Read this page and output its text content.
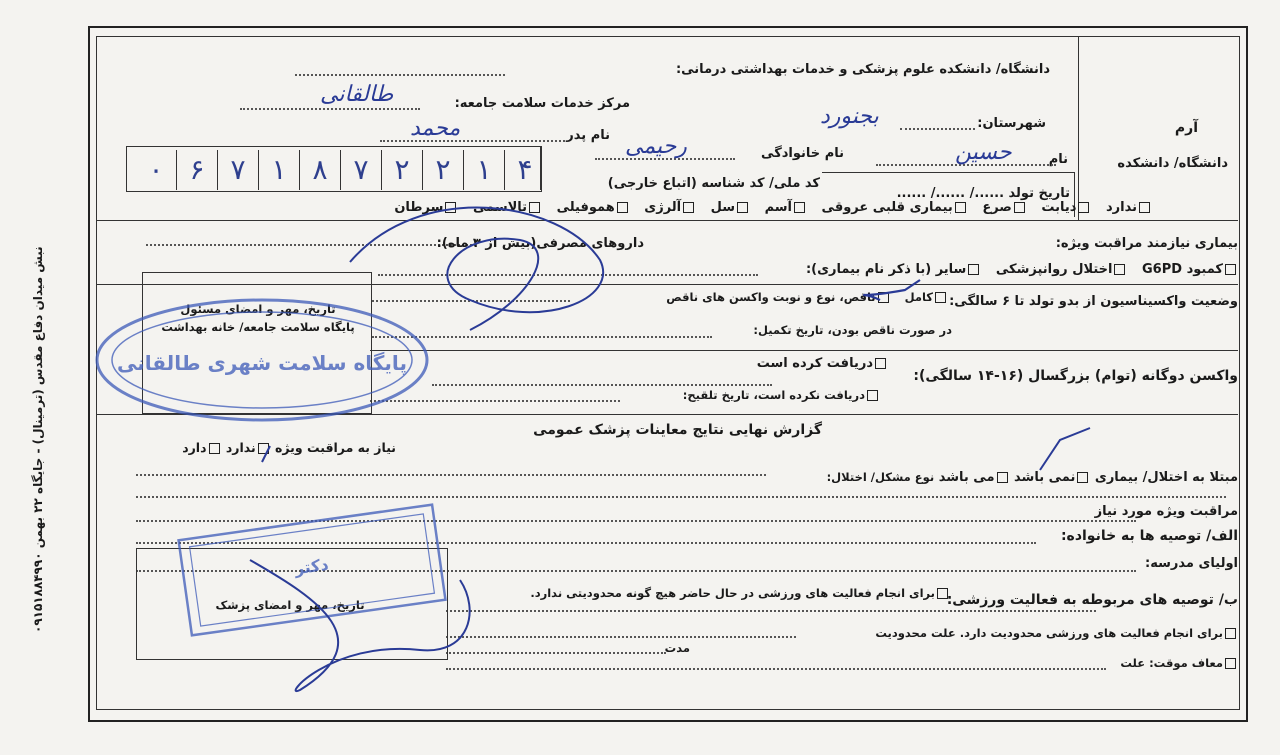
نبش میدان دفاع مقدس (ترمینال) - جایگاه ۲۲ بهمن ۰۹۱۵۱۸۸۴۹۹۰
دانشگاه/ دانشکده علوم پزشکی و خدمات بهداشتی درمانی:
مرکز خدمات سلامت جامعه:
شهرستان:	آرم
دانشگاه/ دانشکده
نام
نام خانوادگی
نام پدر
۰ ۶ ۷ ۱ ۸ ۷ ۲ ۲ ۱ ۴	کد ملی/ کد شناسه (اتباع خارجی)
تاریخ تولد ....../ ....../ ......
ندارد دیابت صرع بیماری قلبی عروقی آسم سل آلرژی هموفیلی تالاسمی سرطان
بیماری نیازمند مراقبت ویژه:
داروهای مصرفی(بیش از ۳ ماه):
کمبود G6PD اختلال روانپزشکی سایر (با ذکر نام بیماری):
وضعیت واکسیناسیون از بدو تولد تا ۶ سالگی:
کامل ناقص، نوع و نوبت واکسن های ناقص
در صورت ناقص بودن، تاریخ تکمیل:
واکسن دوگانه (توام) بزرگسال (۱۶-۱۴ سالگی):
دریافت کرده است
دریافت نکرده است، تاریخ تلقیح:
تاریخ، مهر و امضای مسئول
پایگاه سلامت جامعه/ خانه بهداشت
گزارش نهایی نتایج معاینات پزشک عمومی
نیاز به مراقبت ویژه ندارد دارد
مبتلا به اختلال/ بیماری نمی باشد می باشد نوع مشکل/ اختلال:
مراقبت ویژه مورد نیاز
الف/ توصیه ها به خانواده:
اولیای مدرسه:
ب/ توصیه های مربوطه به فعالیت ورزشی:
برای انجام فعالیت های ورزشی در حال حاضر هیچ گونه محدودیتی ندارد.
برای انجام فعالیت های ورزشی محدودیت دارد. علت محدودیت
مدت
معاف موقت: علت
تاریخ، مهر و امضای پزشک
طالقانی
بجنورد
حسین
رحیمی
محمد
پایگاه سلامت شهری طالقانی
دکتر
